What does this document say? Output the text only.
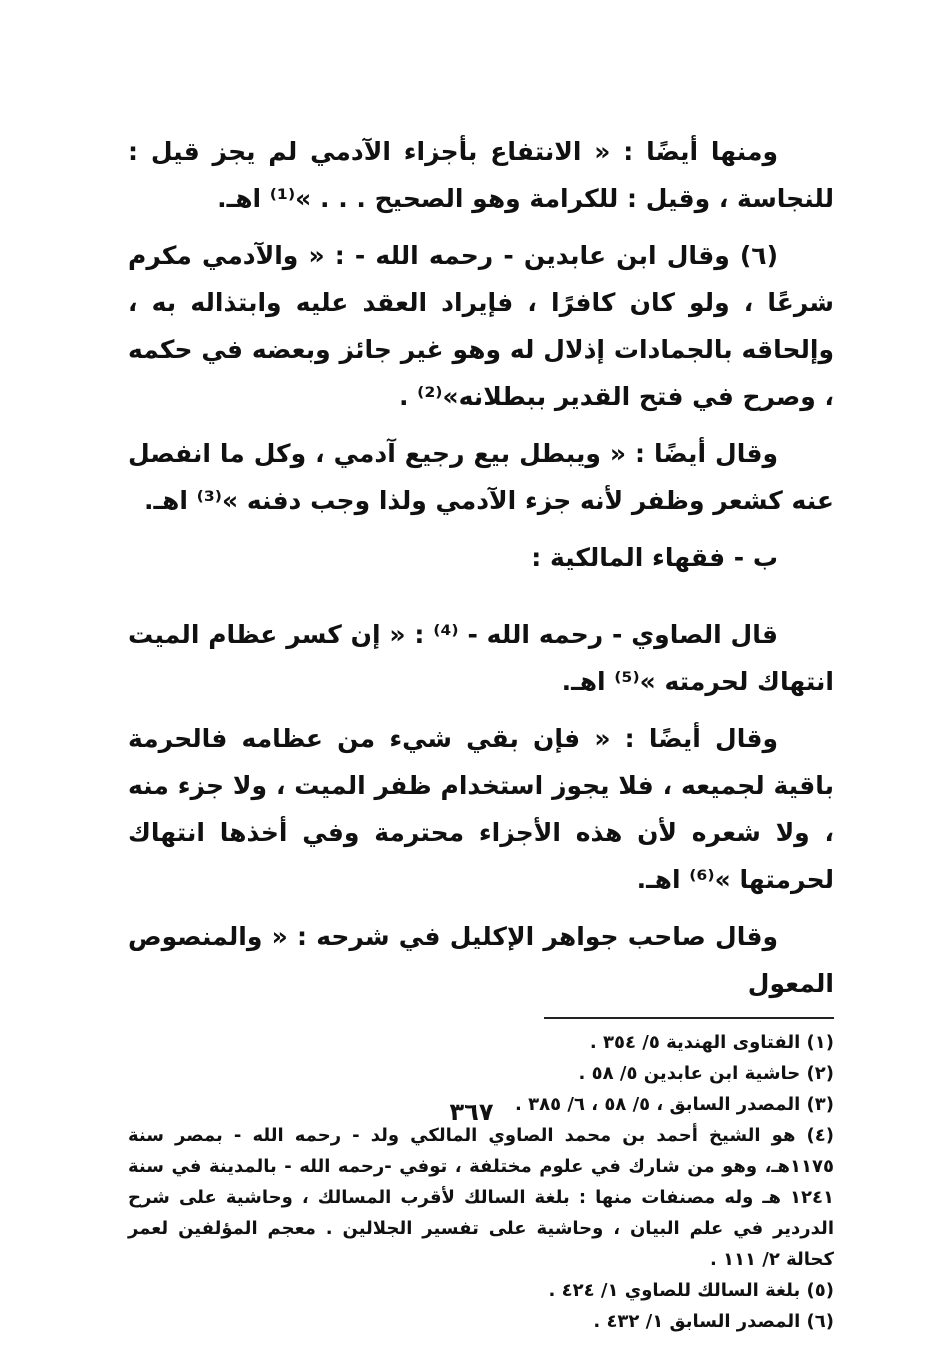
ومنها أيضًا : « الانتفاع بأجزاء الآدمي لم يجز قيل : للنجاسة ، وقيل : للكرامة وهو الصحيح . . . »⁽¹⁾ اهـ.

(٦) وقال ابن عابدين - رحمه الله - : « والآدمي مكرم شرعًا ، ولو كان كافرًا ، فإيراد العقد عليه وابتذاله به ، وإلحاقه بالجمادات إذلال له وهو غير جائز وبعضه في حكمه ، وصرح في فتح القدير ببطلانه»⁽²⁾ .

وقال أيضًا : « ويبطل بيع رجيع آدمي ، وكل ما انفصل عنه كشعر وظفر لأنه جزء الآدمي ولذا وجب دفنه »⁽³⁾ اهـ.

ب - فقهاء المالكية :

قال الصاوي - رحمه الله - ⁽⁴⁾ : « إن كسر عظام الميت انتهاك لحرمته »⁽⁵⁾ اهـ.

وقال أيضًا : « فإن بقي شيء من عظامه فالحرمة باقية لجميعه ، فلا يجوز استخدام ظفر الميت ، ولا جزء منه ، ولا شعره لأن هذه الأجزاء محترمة وفي أخذها انتهاك لحرمتها »⁽⁶⁾ اهـ.

وقال صاحب جواهر الإكليل في شرحه : « والمنصوص المعول

(١) الفتاوى الهندية ٥/ ٣٥٤ .

(٢) حاشية ابن عابدين ٥/ ٥٨ .

(٣) المصدر السابق ، ٥/ ٥٨ ، ٦/ ٣٨٥ .

(٤) هو الشيخ أحمد بن محمد الصاوي المالكي ولد - رحمه الله - بمصر سنة ١١٧٥هـ، وهو من شارك في علوم مختلفة ، توفي -رحمه الله - بالمدينة في سنة ١٢٤١ هـ وله مصنفات منها : بلغة السالك لأقرب المسالك ، وحاشية على شرح الدردير في علم البيان ، وحاشية على تفسير الجلالين . معجم المؤلفين لعمر كحالة ٢/ ١١١ .

(٥) بلغة السالك للصاوي ١/ ٤٢٤ .

(٦) المصدر السابق ١/ ٤٣٢ .

٣٦٧
